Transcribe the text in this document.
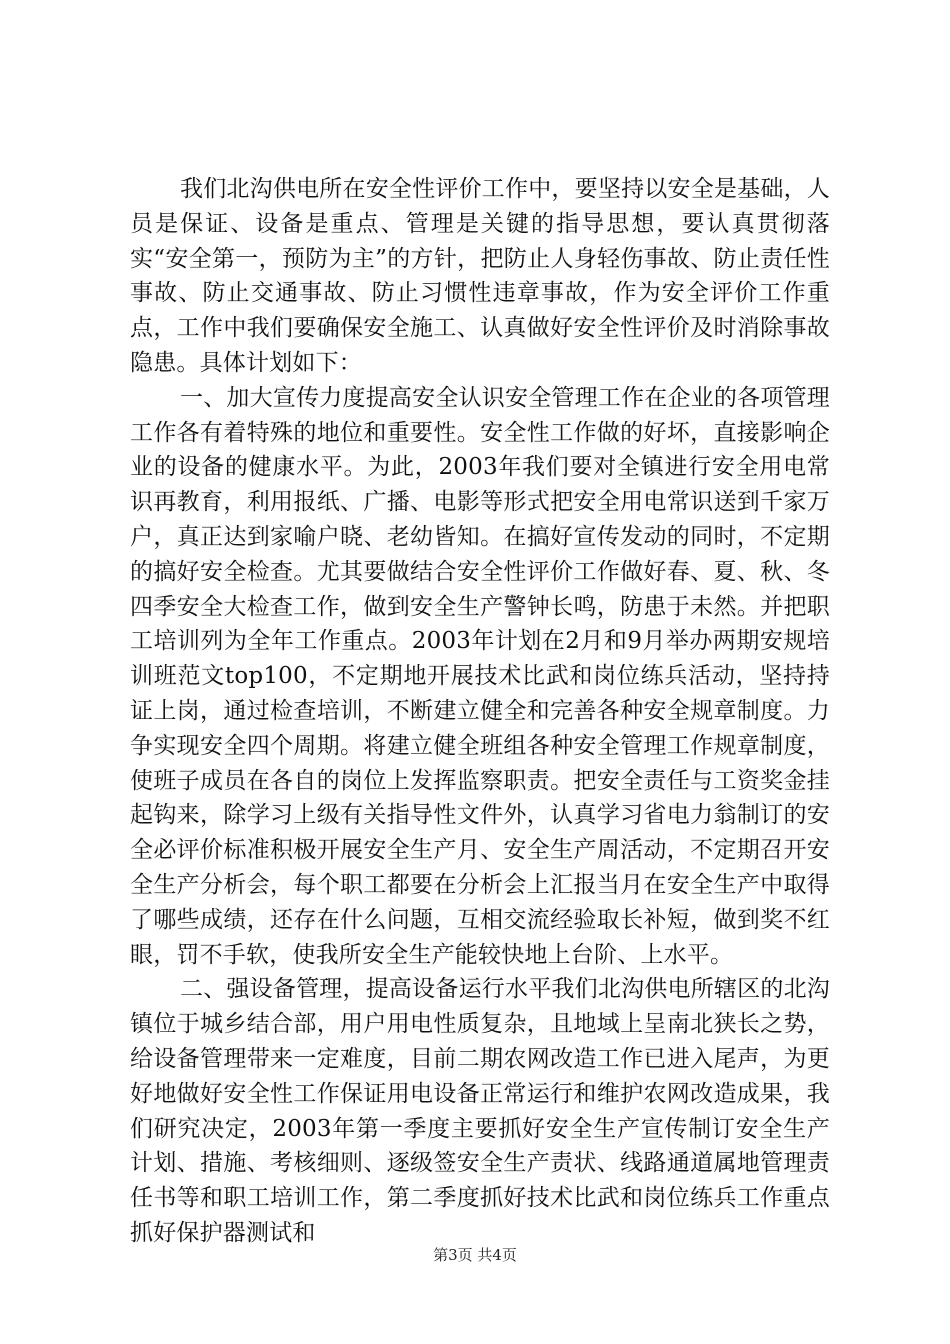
我们北沟供电所在安全性评价工作中，要坚持以安全是基础，人员是保证、设备是重点、管理是关键的指导思想，要认真贯彻落实“安全第一，预防为主”的方针，把防止人身轻伤事故、防止责任性事故、防止交通事故、防止习惯性违章事故，作为安全评价工作重点，工作中我们要确保安全施工、认真做好安全性评价及时消除事故隐患。具体计划如下：

一、加大宣传力度提高安全认识安全管理工作在企业的各项管理工作各有着特殊的地位和重要性。安全性工作做的好坏，直接影响企业的设备的健康水平。为此，2003年我们要对全镇进行安全用电常识再教育，利用报纸、广播、电影等形式把安全用电常识送到千家万户，真正达到家喻户晓、老幼皆知。在搞好宣传发动的同时，不定期的搞好安全检查。尤其要做结合安全性评价工作做好春、夏、秋、冬四季安全大检查工作，做到安全生产警钟长鸣，防患于未然。并把职工培训列为全年工作重点。2003年计划在2月和9月举办两期安规培训班范文top100，不定期地开展技术比武和岗位练兵活动，坚持持证上岗，通过检查培训，不断建立健全和完善各种安全规章制度。力争实现安全四个周期。将建立健全班组各种安全管理工作规章制度，使班子成员在各自的岗位上发挥监察职责。把安全责任与工资奖金挂起钩来，除学习上级有关指导性文件外，认真学习省电力翁制订的安全必评价标准积极开展安全生产月、安全生产周活动，不定期召开安全生产分析会，每个职工都要在分析会上汇报当月在安全生产中取得了哪些成绩，还存在什么问题，互相交流经验取长补短，做到奖不红眼，罚不手软，使我所安全生产能较快地上台阶、上水平。

二、强设备管理，提高设备运行水平我们北沟供电所辖区的北沟镇位于城乡结合部，用户用电性质复杂，且地域上呈南北狭长之势，给设备管理带来一定难度，目前二期农网改造工作已进入尾声，为更好地做好安全性工作保证用电设备正常运行和维护农网改造成果，我们研究决定，2003年第一季度主要抓好安全生产宣传制订安全生产计划、措施、考核细则、逐级签安全生产责状、线路通道属地管理责任书等和职工培训工作，第二季度抓好技术比武和岗位练兵工作重点抓好保护器测试和

第3页 共4页
